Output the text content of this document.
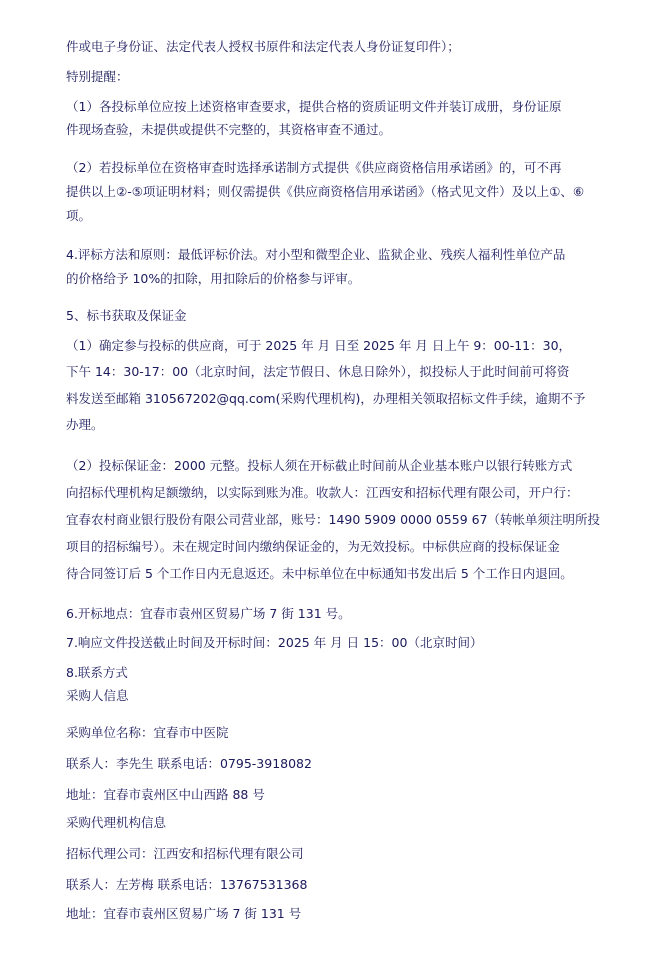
件或电子身份证、法定代表人授权书原件和法定代表人身份证复印件）；
特别提醒：
（1）各投标单位应按上述资格审查要求，提供合格的资质证明文件并装订成册，身份证原
件现场查验，未提供或提供不完整的，其资格审查不通过。
（2）若投标单位在资格审查时选择承诺制方式提供《供应商资格信用承诺函》的，可不再
提供以上②-⑤项证明材料；则仅需提供《供应商资格信用承诺函》（格式见文件）及以上①、⑥
项。
4.评标方法和原则：最低评标价法。对小型和微型企业、监狱企业、残疾人福利性单位产品
的价格给予 10%的扣除，用扣除后的价格参与评审。
5、标书获取及保证金
（1）确定参与投标的供应商，可于 2025 年 月 日至 2025 年 月 日上午 9：00-11：30，
下午 14：30-17：00（北京时间，法定节假日、休息日除外），拟投标人于此时间前可将资
料发送至邮箱 310567202@qq.com(采购代理机构)，办理相关领取招标文件手续，逾期不予
办理。
（2）投标保证金：2000 元整。投标人须在开标截止时间前从企业基本账户以银行转账方式
向招标代理机构足额缴纳，以实际到账为准。收款人：江西安和招标代理有限公司，开户行：
宜春农村商业银行股份有限公司营业部，账号：1490 5909 0000 0559 67（转帐单须注明所投
项目的招标编号）。未在规定时间内缴纳保证金的，为无效投标。中标供应商的投标保证金
待合同签订后 5 个工作日内无息返还。未中标单位在中标通知书发出后 5 个工作日内退回。
6.开标地点：宜春市袁州区贸易广场 7 街 131 号。
7.响应文件投送截止时间及开标时间：2025 年 月 日 15：00（北京时间）
8.联系方式
采购人信息
采购单位名称：宜春市中医院
联系人：李先生 联系电话：0795-3918082
地址：宜春市袁州区中山西路 88 号
采购代理机构信息
招标代理公司：江西安和招标代理有限公司
联系人：左芳梅 联系电话：13767531368
地址：宜春市袁州区贸易广场 7 街 131 号
